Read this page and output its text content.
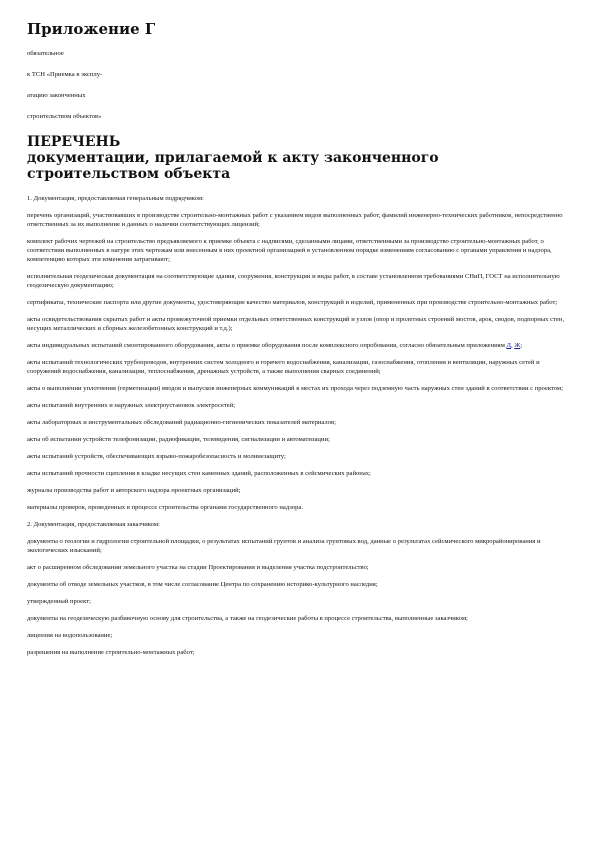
Приложение Г

обязательное

к ТСН «Приемка в эксплу-

атацию законченных

строительством объектов»

ПЕРЕЧЕНЬ
документации, прилагаемой к акту законченного
строительством объекта

1. Документация, предоставляемая генеральным подрядчиком:

перечень организаций, участвовавших в производстве строительно-монтажных работ с указанием видов выполненных работ, фамилий инженерно-технических работников, непосредственно ответственных за их выполнение и данных о наличии соответствующих лицензий;

комплект рабочих чертежей на строительство предъявляемого к приемке объекта с надписями, сделанными лицами, ответственными за производство строительно-монтажных работ, о соответствии выполненных в натуре этих чертежам или внесенным в них проектной организацией в установленном порядке изменениям согласованию с органами управления и надзора, компетенцию которых эти изменения затрагивают;

исполнительная геодезическая документация на соответствующие здания, сооружения, конструкции и виды работ, в составе установленном требованиями СНиП, ГОСТ на исполнительную геодезическую документацию;

сертификаты, технические паспорта или другие документы, удостоверяющие качество материалов, конструкций и изделий, примененных при производстве строительно-монтажных работ;

акты освидетельствования скрытых работ и акты промежуточной приемки отдельных ответственных конструкций и узлов (опор и пролетных строений мостов, арок, сводов, подпорных стен, несущих металлических и сборных железобетонных конструкций и т.д.);

акты индивидуальных испытаний смонтированного оборудования, акты о приемке оборудования после комплексного опробования, согласно обязательным приложениям Д, Ж;

акты испытаний технологических трубопроводов, внутренних систем холодного и горячего водоснабжения, канализации, газоснабжения, отопления и вентиляции, наружных сетей и сооружений водоснабжения, канализации, теплоснабжения, дренажных устройств, а также выполнения сварных соединений;

акты о выполнении уплотнения (герметизации) вводов и выпусков инженерных коммуникаций в местах их прохода через подземную часть наружных стен зданий в соответствии с проектом;

акты испытаний внутренних и наружных электроустановок электросетей;

акты лабораторных и инструментальных обследований радиационно-гигиенических показателей материалов;

акты об испытании устройств телефонизации, радиофикации, телевидения, сигнализации и автоматизации;

акты испытаний устройств, обеспечивающих взрыво-пожаробезопасность и молниезащиту;

акты испытаний прочности сцепления в кладке несущих стен каменных зданий, расположенных в сейсмических районах;

журналы производства работ и авторского надзора проектных организаций;

материалы проверок, проведенных в процессе строительства органами государственного надзора.

2. Документация, предоставляемая заказчиком:

документы о геологии и гидрологии строительной площадки, о результатах испытаний грунтов и анализа грунтовых вод, данные о результатах сейсмического микрорайонирования и экологических изысканий;

акт о расширенном обследовании земельного участка на стадии Проектирования и выделения участка подстроительство;

документы об отводе земельных участков, в том числе согласование Центра по сохранению историко-культурного наследия;

утвержденный проект;

документы на геодезическую разбивочную основу для строительства, а также на геодезические работы в процессе строительства, выполненные заказчиком;

лицензия на водопользование;

разрешения на выполнение строительно-монтажных работ;
